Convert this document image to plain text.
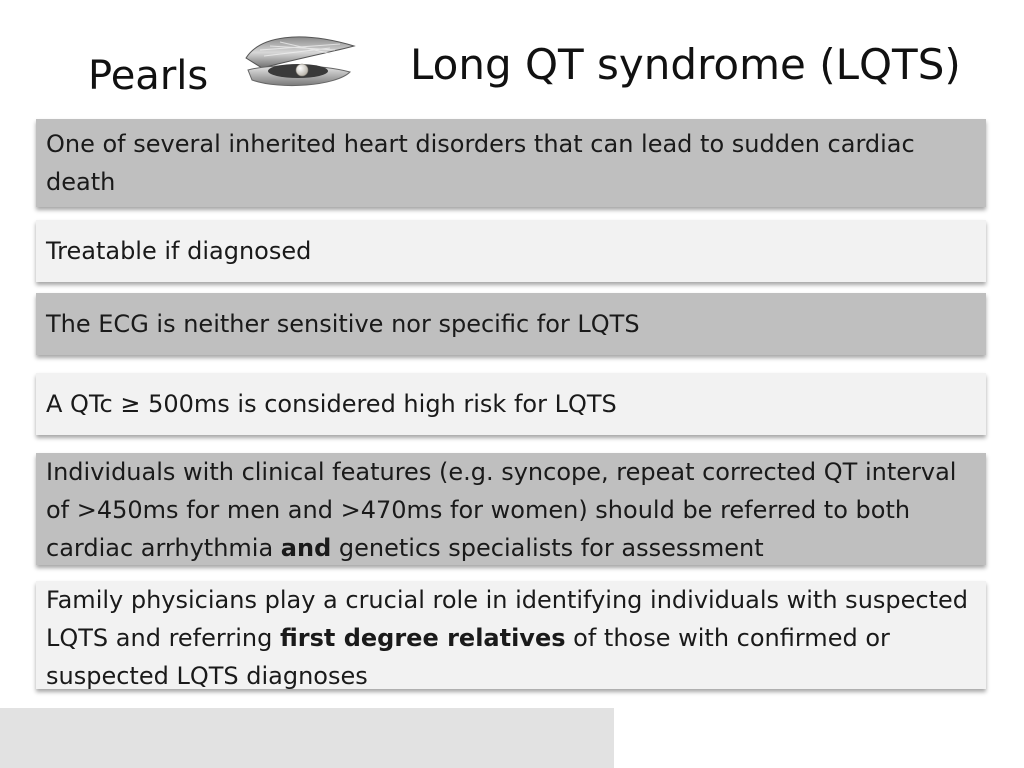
Pearls	Long QT syndrome (LQTS)
One of several inherited heart disorders that can lead to sudden cardiac death
Treatable if diagnosed
The ECG is neither sensitive nor specific for LQTS
A QTc ≥ 500ms is considered high risk for LQTS
Individuals with clinical features (e.g. syncope, repeat corrected QT interval of >450ms for men and >470ms for women) should be referred to both cardiac arrhythmia and genetics specialists for assessment
Family physicians play a crucial role in identifying individuals with suspected LQTS and referring first degree relatives of those with confirmed or suspected LQTS diagnoses
